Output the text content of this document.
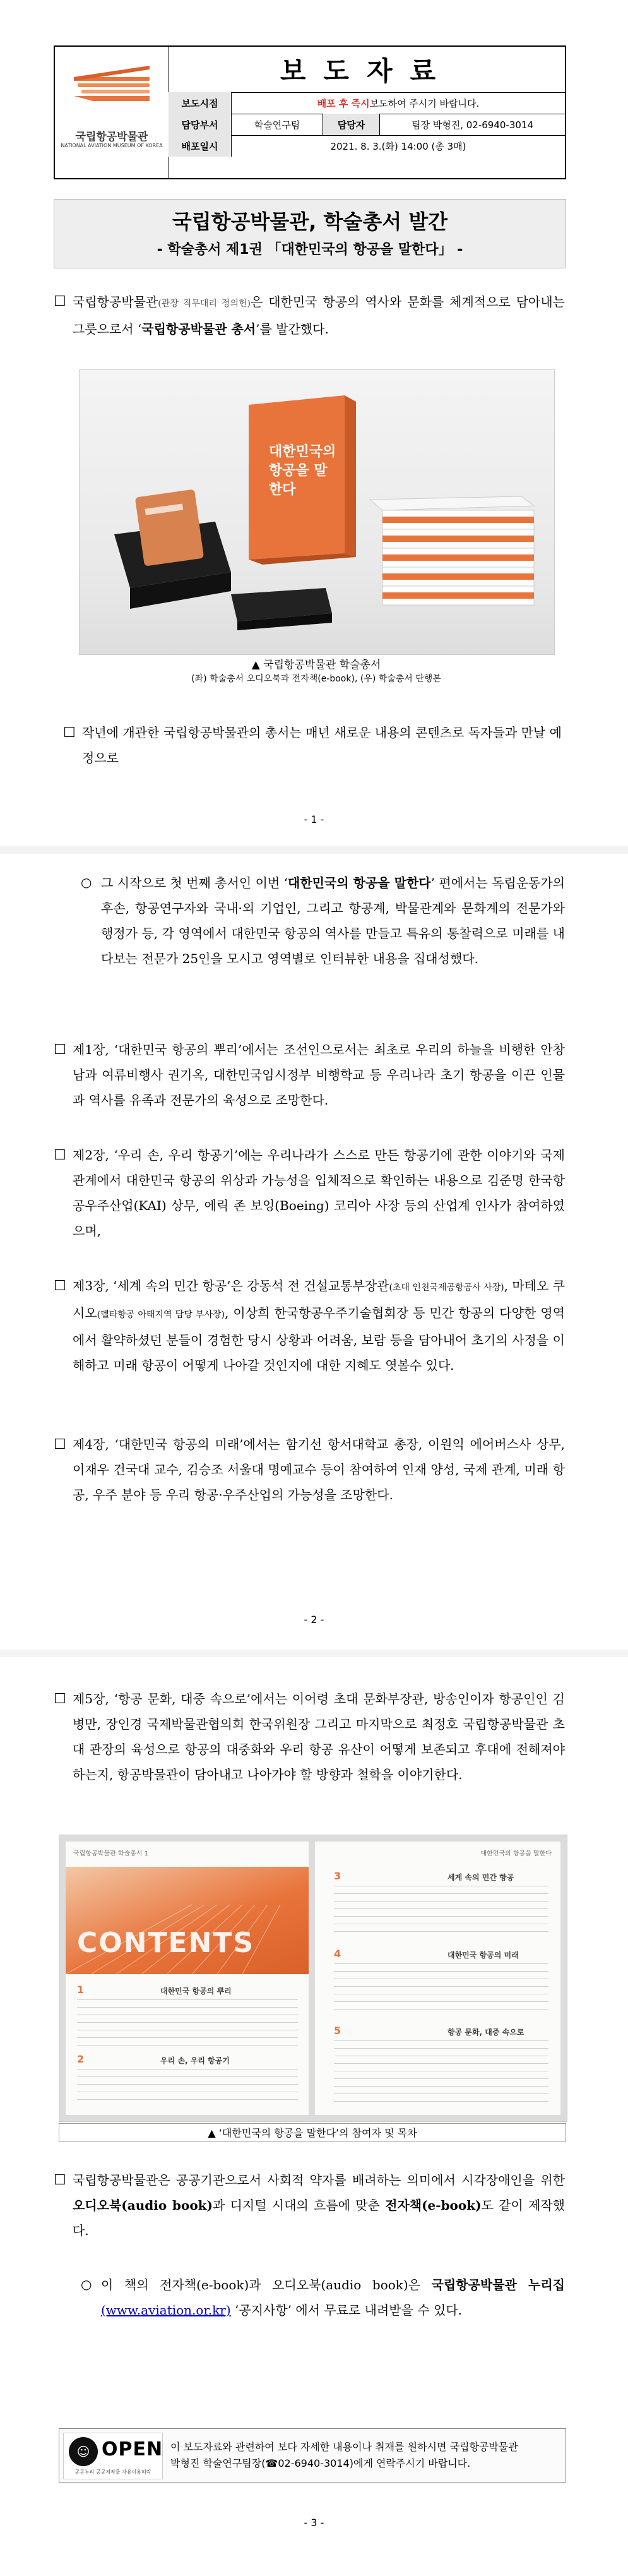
국립항공박물관
NATIONAL AVIATION MUSEUM OF KOREA
보도자료
보도시점	배포 후 즉시 보도하여 주시기 바랍니다.
담당부서	학술연구팀	담당자	팀장 박형진, 02-6940-3014
배포일시	2021. 8. 3.(화) 14:00 (총 3매)
국립항공박물관, 학술총서 발간
- 학술총서 제1권 「대한민국의 항공을 말한다」 -
☐ 국립항공박물관(관장 직무대리 정의헌)은 대한민국 항공의 역사와 문화를 체계적으로 담아내는 그릇으로서 ‘국립항공박물관 총서’를 발간했다.
대한민국의 항공을 말한다
▲ 국립항공박물관 학술총서
(좌) 학술총서 오디오북과 전자책(e-book), (우) 학술총서 단행본
☐ 작년에 개관한 국립항공박물관의 총서는 매년 새로운 내용의 콘텐츠로 독자들과 만날 예정으로
- 1 -
○ 그 시작으로 첫 번째 총서인 이번 ‘대한민국의 항공을 말한다’ 편에서는 독립운동가의 후손, 항공연구자와 국내·외 기업인, 그리고 항공계, 박물관계와 문화계의 전문가와 행정가 등, 각 영역에서 대한민국 항공의 역사를 만들고 특유의 통찰력으로 미래를 내다보는 전문가 25인을 모시고 영역별로 인터뷰한 내용을 집대성했다.
☐ 제1장, ‘대한민국 항공의 뿌리’에서는 조선인으로서는 최초로 우리의 하늘을 비행한 안창남과 여류비행사 권기옥, 대한민국임시정부 비행학교 등 우리나라 초기 항공을 이끈 인물과 역사를 유족과 전문가의 육성으로 조망한다.
☐ 제2장, ‘우리 손, 우리 항공기’에는 우리나라가 스스로 만든 항공기에 관한 이야기와 국제관계에서 대한민국 항공의 위상과 가능성을 입체적으로 확인하는 내용으로 김준명 한국항공우주산업(KAI) 상무, 에릭 존 보잉(Boeing) 코리아 사장 등의 산업계 인사가 참여하였으며,
☐ 제3장, ‘세계 속의 민간 항공’은 강동석 전 건설교통부장관(초대 인천국제공항공사 사장), 마테오 쿠시오(델타항공 아태지역 담당 부사장), 이상희 한국항공우주기술협회장 등 민간 항공의 다양한 영역에서 활약하셨던 분들이 경험한 당시 상황과 어려움, 보람 등을 담아내어 초기의 사정을 이해하고 미래 항공이 어떻게 나아갈 것인지에 대한 지혜도 엿볼수 있다.
☐ 제4장, ‘대한민국 항공의 미래’에서는 함기선 항서대학교 총장, 이원익 에어버스사 상무, 이재우 건국대 교수, 김승조 서울대 명예교수 등이 참여하여 인재 양성, 국제 관계, 미래 항공, 우주 분야 등 우리 항공·우주산업의 가능성을 조망한다.
- 2 -
☐ 제5장, ‘항공 문화, 대중 속으로’에서는 이어령 초대 문화부장관, 방송인이자 항공인인 김병만, 장인경 국제박물관협의회 한국위원장 그리고 마지막으로 최정호 국립항공박물관 초대 관장의 육성으로 항공의 대중화와 우리 항공 유산이 어떻게 보존되고 후대에 전해져야 하는지, 항공박물관이 담아내고 나아가야 할 방향과 철학을 이야기한다.
국립항공박물관 학술총서 1
CONTENTS
1	대한민국 항공의 뿌리
2	우리 손, 우리 항공기
대한민국의 항공을 말한다
3	세계 속의 민간 항공
4	대한민국 항공의 미래
5	항공 문화, 대중 속으로
▲ ‘대한민국의 항공을 말한다’의 참여자 및 목차
☐ 국립항공박물관은 공공기관으로서 사회적 약자를 배려하는 의미에서 시각장애인을 위한 오디오북(audio book)과 디지털 시대의 흐름에 맞춘 전자책(e-book)도 같이 제작했다.
○ 이 책의 전자책(e-book)과 오디오북(audio book)은 국립항공박물관 누리집(www.aviation.or.kr) ‘공지사항’ 에서 무료로 내려받을 수 있다.
☺ OPEN
공공누리 공공저작물 자유이용허락
이 보도자료와 관련하여 보다 자세한 내용이나 취재를 원하시면 국립항공박물관
박형진 학술연구팀장(☎02-6940-3014)에게 연락주시기 바랍니다.
- 3 -
